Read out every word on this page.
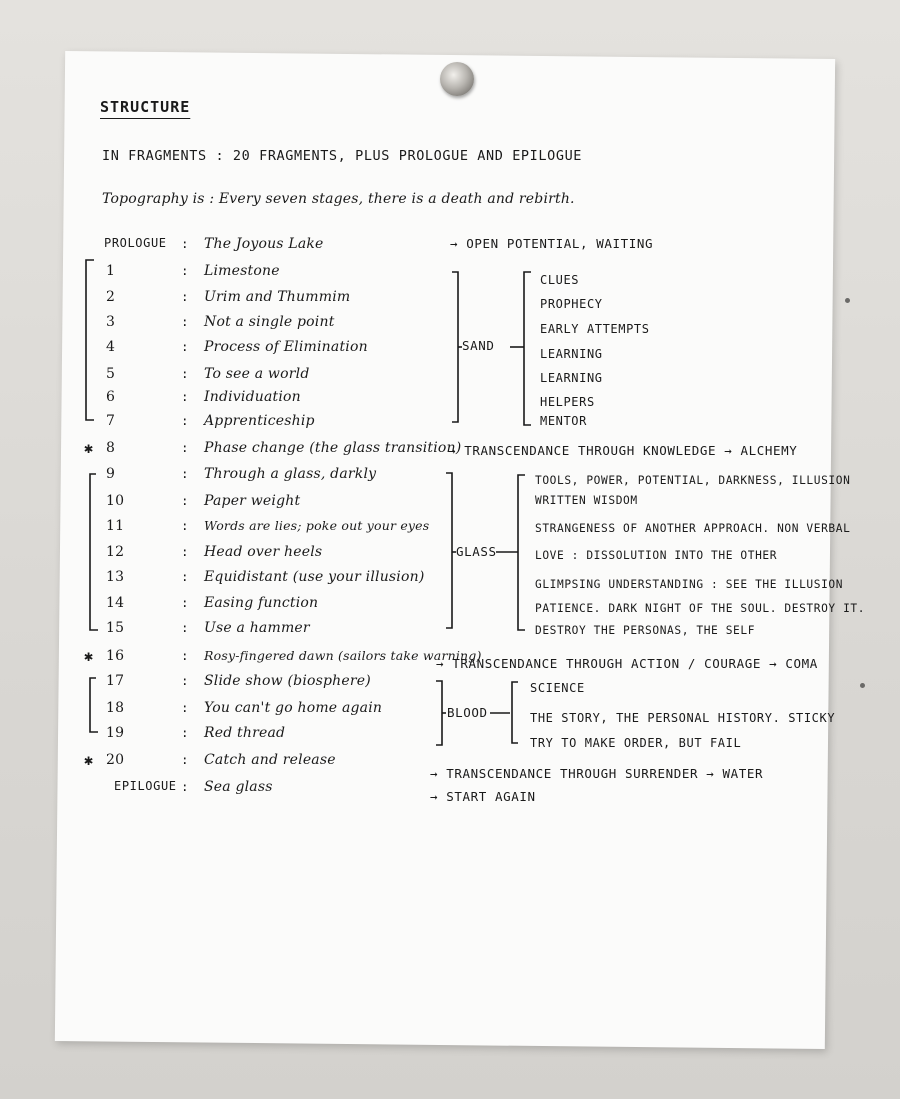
STRUCTURE
IN FRAGMENTS : 20 FRAGMENTS, PLUS PROLOGUE AND EPILOGUE
Topography is : Every seven stages, there is a death and rebirth.
PROLOGUE : The Joyous Lake	→ OPEN POTENTIAL, WAITING
1	: Limestone
2	: Urim and Thummim
3	: Not a single point
4	: Process of Elimination
5	: To see a world
6	: Individuation
7	: Apprenticeship
✱ 8	: Phase change (the glass transition)
→ TRANSCENDANCE THROUGH KNOWLEDGE → ALCHEMY
9	: Through a glass, darkly
10	: Paper weight
11	: Words are lies; poke out your eyes
12	: Head over heels
13	: Equidistant (use your illusion)
14	: Easing function
15	: Use a hammer
✱ 16	: Rosy-fingered dawn (sailors take warning)
→ TRANSCENDANCE THROUGH ACTION / COURAGE → COMA
17	: Slide show (biosphere)
18	: You can't go home again
19	: Red thread
✱ 20	: Catch and release
→ TRANSCENDANCE THROUGH SURRENDER → WATER
EPILOGUE : Sea glass
→ START AGAIN
SAND
CLUES
PROPHECY
EARLY ATTEMPTS
LEARNING
LEARNING
HELPERS
MENTOR
GLASS
TOOLS, POWER, POTENTIAL, DARKNESS, ILLUSION
WRITTEN WISDOM
STRANGENESS OF ANOTHER APPROACH. NON VERBAL
LOVE : DISSOLUTION INTO THE OTHER
GLIMPSING UNDERSTANDING : SEE THE ILLUSION
PATIENCE. DARK NIGHT OF THE SOUL. DESTROY IT.
DESTROY THE PERSONAS, THE SELF
BLOOD
SCIENCE
THE STORY, THE PERSONAL HISTORY. STICKY
TRY TO MAKE ORDER, BUT FAIL
